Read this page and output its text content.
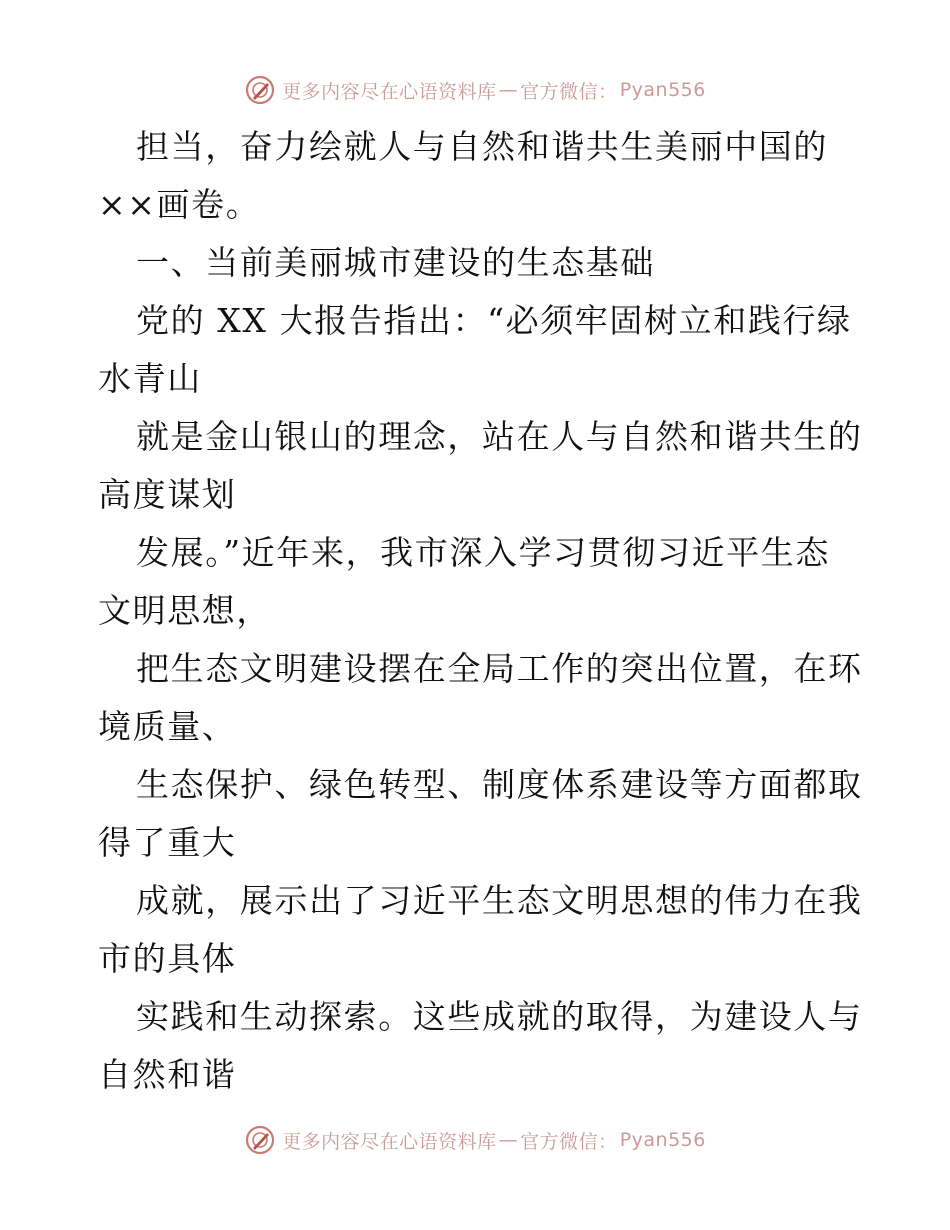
更多内容尽在心语资料库 — 官方微信： Pyan556
担当，奋力绘就人与自然和谐共生美丽中国的
××画卷。
一、当前美丽城市建设的生态基础
党的 XX 大报告指出：“必须牢固树立和践行绿
水青山
就是金山银山的理念，站在人与自然和谐共生的
高度谋划
发展。”近年来，我市深入学习贯彻习近平生态
文明思想，
把生态文明建设摆在全局工作的突出位置，在环
境质量、
生态保护、绿色转型、制度体系建设等方面都取
得了重大
成就，展示出了习近平生态文明思想的伟力在我
市的具体
实践和生动探索。这些成就的取得，为建设人与
自然和谐
更多内容尽在心语资料库 — 官方微信： Pyan556
